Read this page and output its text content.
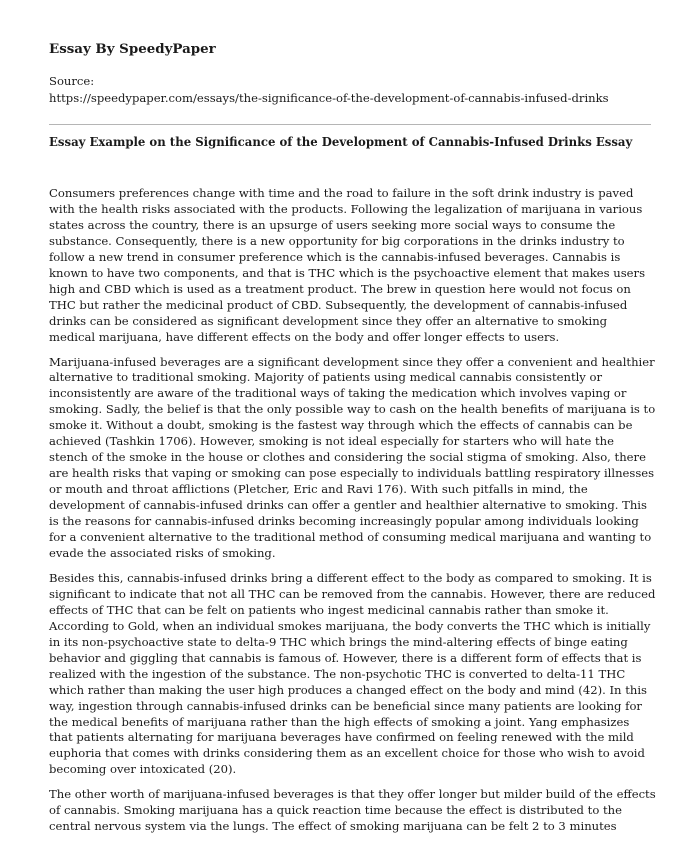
Essay By SpeedyPaper
Source:
https://speedypaper.com/essays/the-significance-of-the-development-of-cannabis-infused-drinks
Essay Example on the Significance of the Development of Cannabis-Infused Drinks Essay

Consumers preferences change with time and the road to failure in the soft drink industry is paved with the health risks associated with the products. Following the legalization of marijuana in various states across the country, there is an upsurge of users seeking more social ways to consume the substance. Consequently, there is a new opportunity for big corporations in the drinks industry to follow a new trend in consumer preference which is the cannabis-infused beverages. Cannabis is known to have two components, and that is THC which is the psychoactive element that makes users high and CBD which is used as a treatment product. The brew in question here would not focus on THC but rather the medicinal product of CBD. Subsequently, the development of cannabis-infused drinks can be considered as significant development since they offer an alternative to smoking medical marijuana, have different effects on the body and offer longer effects to users.

Marijuana-infused beverages are a significant development since they offer a convenient and healthier alternative to traditional smoking. Majority of patients using medical cannabis consistently or inconsistently are aware of the traditional ways of taking the medication which involves vaping or smoking. Sadly, the belief is that the only possible way to cash on the health benefits of marijuana is to smoke it. Without a doubt, smoking is the fastest way through which the effects of cannabis can be achieved (Tashkin 1706). However, smoking is not ideal especially for starters who will hate the stench of the smoke in the house or clothes and considering the social stigma of smoking. Also, there are health risks that vaping or smoking can pose especially to individuals battling respiratory illnesses or mouth and throat afflictions (Pletcher, Eric and Ravi 176). With such pitfalls in mind, the development of cannabis-infused drinks can offer a gentler and healthier alternative to smoking. This is the reasons for cannabis-infused drinks becoming increasingly popular among individuals looking for a convenient alternative to the traditional method of consuming medical marijuana and wanting to evade the associated risks of smoking.

Besides this, cannabis-infused drinks bring a different effect to the body as compared to smoking. It is significant to indicate that not all THC can be removed from the cannabis. However, there are reduced effects of THC that can be felt on patients who ingest medicinal cannabis rather than smoke it. According to Gold, when an individual smokes marijuana, the body converts the THC which is initially in its non-psychoactive state to delta-9 THC which brings the mind-altering effects of binge eating behavior and giggling that cannabis is famous of. However, there is a different form of effects that is realized with the ingestion of the substance. The non-psychotic THC is converted to delta-11 THC which rather than making the user high produces a changed effect on the body and mind (42). In this way, ingestion through cannabis-infused drinks can be beneficial since many patients are looking for the medical benefits of marijuana rather than the high effects of smoking a joint. Yang emphasizes that patients alternating for marijuana beverages have confirmed on feeling renewed with the mild euphoria that comes with drinks considering them as an excellent choice for those who wish to avoid becoming over intoxicated (20).

The other worth of marijuana-infused beverages is that they offer longer but milder build of the effects of cannabis. Smoking marijuana has a quick reaction time because the effect is distributed to the central nervous system via the lungs. The effect of smoking marijuana can be felt 2 to 3 minutes
